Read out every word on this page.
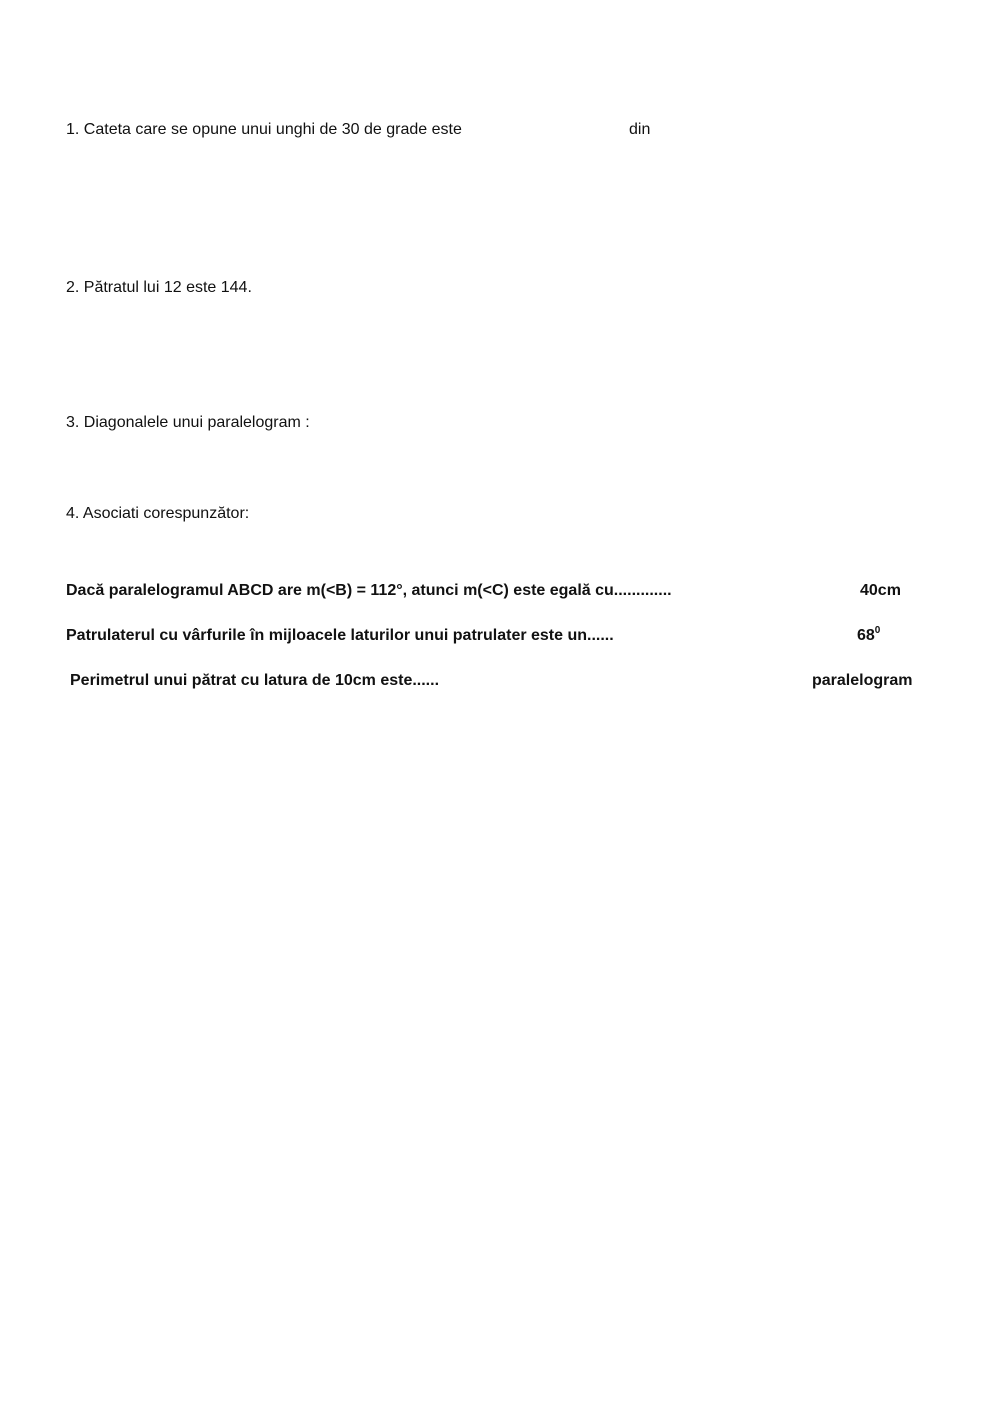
1. Cateta care se opune unui unghi de 30 de grade este	din
2. Pătratul lui 12 este 144.
3. Diagonalele unui paralelogram :
4. Asociati corespunzător:
Dacă paralelogramul ABCD are m(<B) = 112°, atunci m(<C) este egală cu.............	40cm
Patrulaterul cu vârfurile în mijloacele laturilor unui patrulater este un......	$68^0$
Perimetrul unui pătrat cu latura de 10cm este......	paralelogram
